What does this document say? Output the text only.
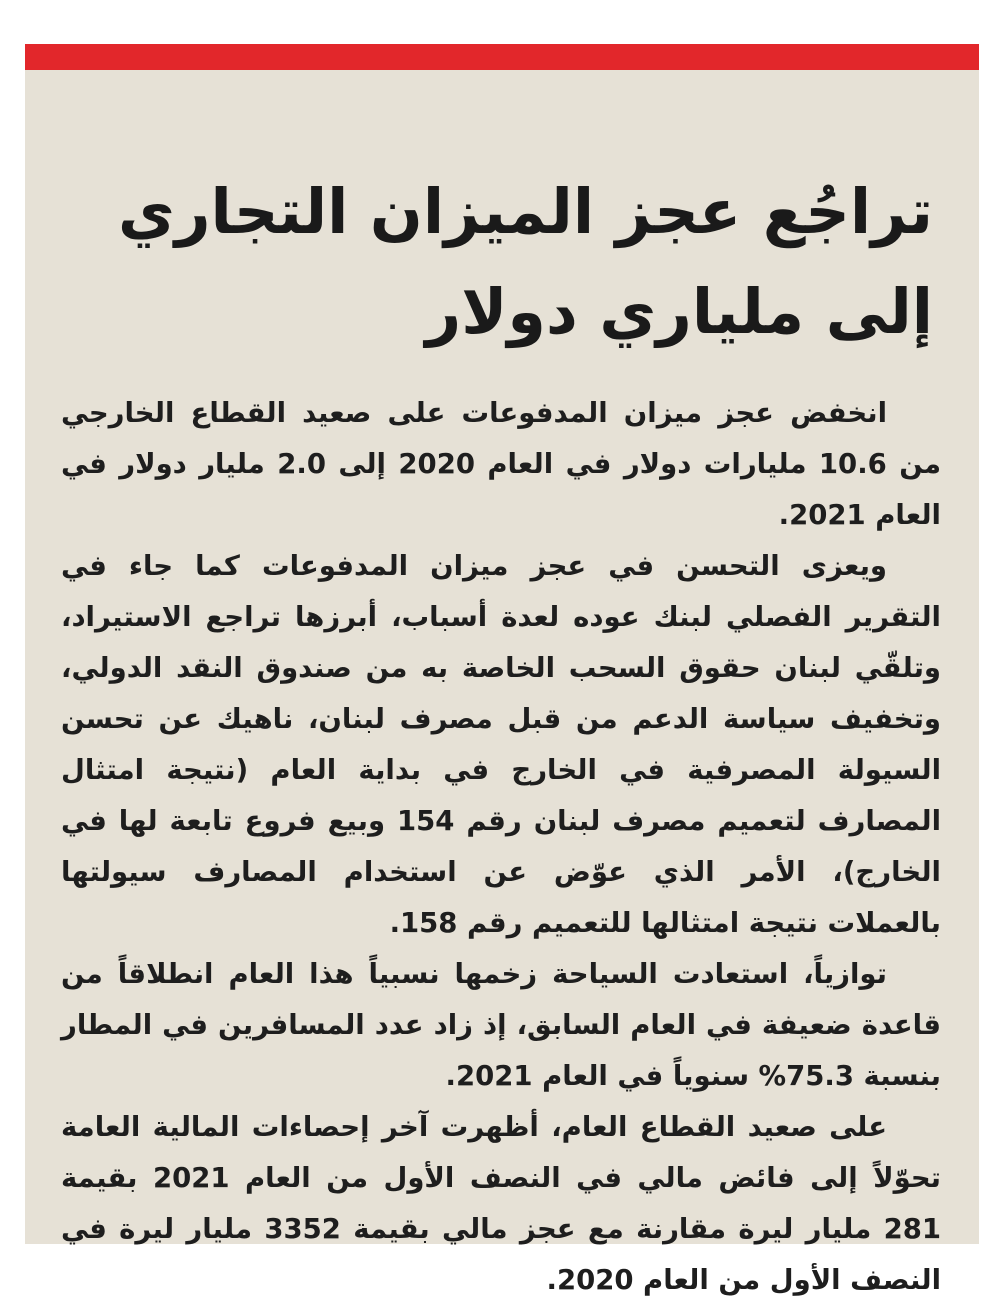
تراجُع عجز الميزان التجاري
إلى ملياري دولار

انخفض عجز ميزان المدفوعات على صعيد القطاع الخارجي من 10.6 مليارات دولار في العام 2020 إلى 2.0 مليار دولار في العام 2021.

ويعزى التحسن في عجز ميزان المدفوعات كما جاء في التقرير الفصلي لبنك عوده لعدة أسباب، أبرزها تراجع الاستيراد، وتلقّي لبنان حقوق السحب الخاصة به من صندوق النقد الدولي، وتخفيف سياسة الدعم من قبل مصرف لبنان، ناهيك عن تحسن السيولة المصرفية في الخارج في بداية العام (نتيجة امتثال المصارف لتعميم مصرف لبنان رقم 154 وبيع فروع تابعة لها في الخارج)، الأمر الذي عوّض عن استخدام المصارف سيولتها بالعملات نتيجة امتثالها للتعميم رقم 158.

توازياً، استعادت السياحة زخمها نسبياً هذا العام انطلاقاً من قاعدة ضعيفة في العام السابق، إذ زاد عدد المسافرين في المطار بنسبة 75.3% سنوياً في العام 2021.

على صعيد القطاع العام، أظهرت آخر إحصاءات المالية العامة تحوّلاً إلى فائض مالي في النصف الأول من العام 2021 بقيمة 281 مليار ليرة مقارنة مع عجز مالي بقيمة 3352 مليار ليرة في النصف الأول من العام 2020.
